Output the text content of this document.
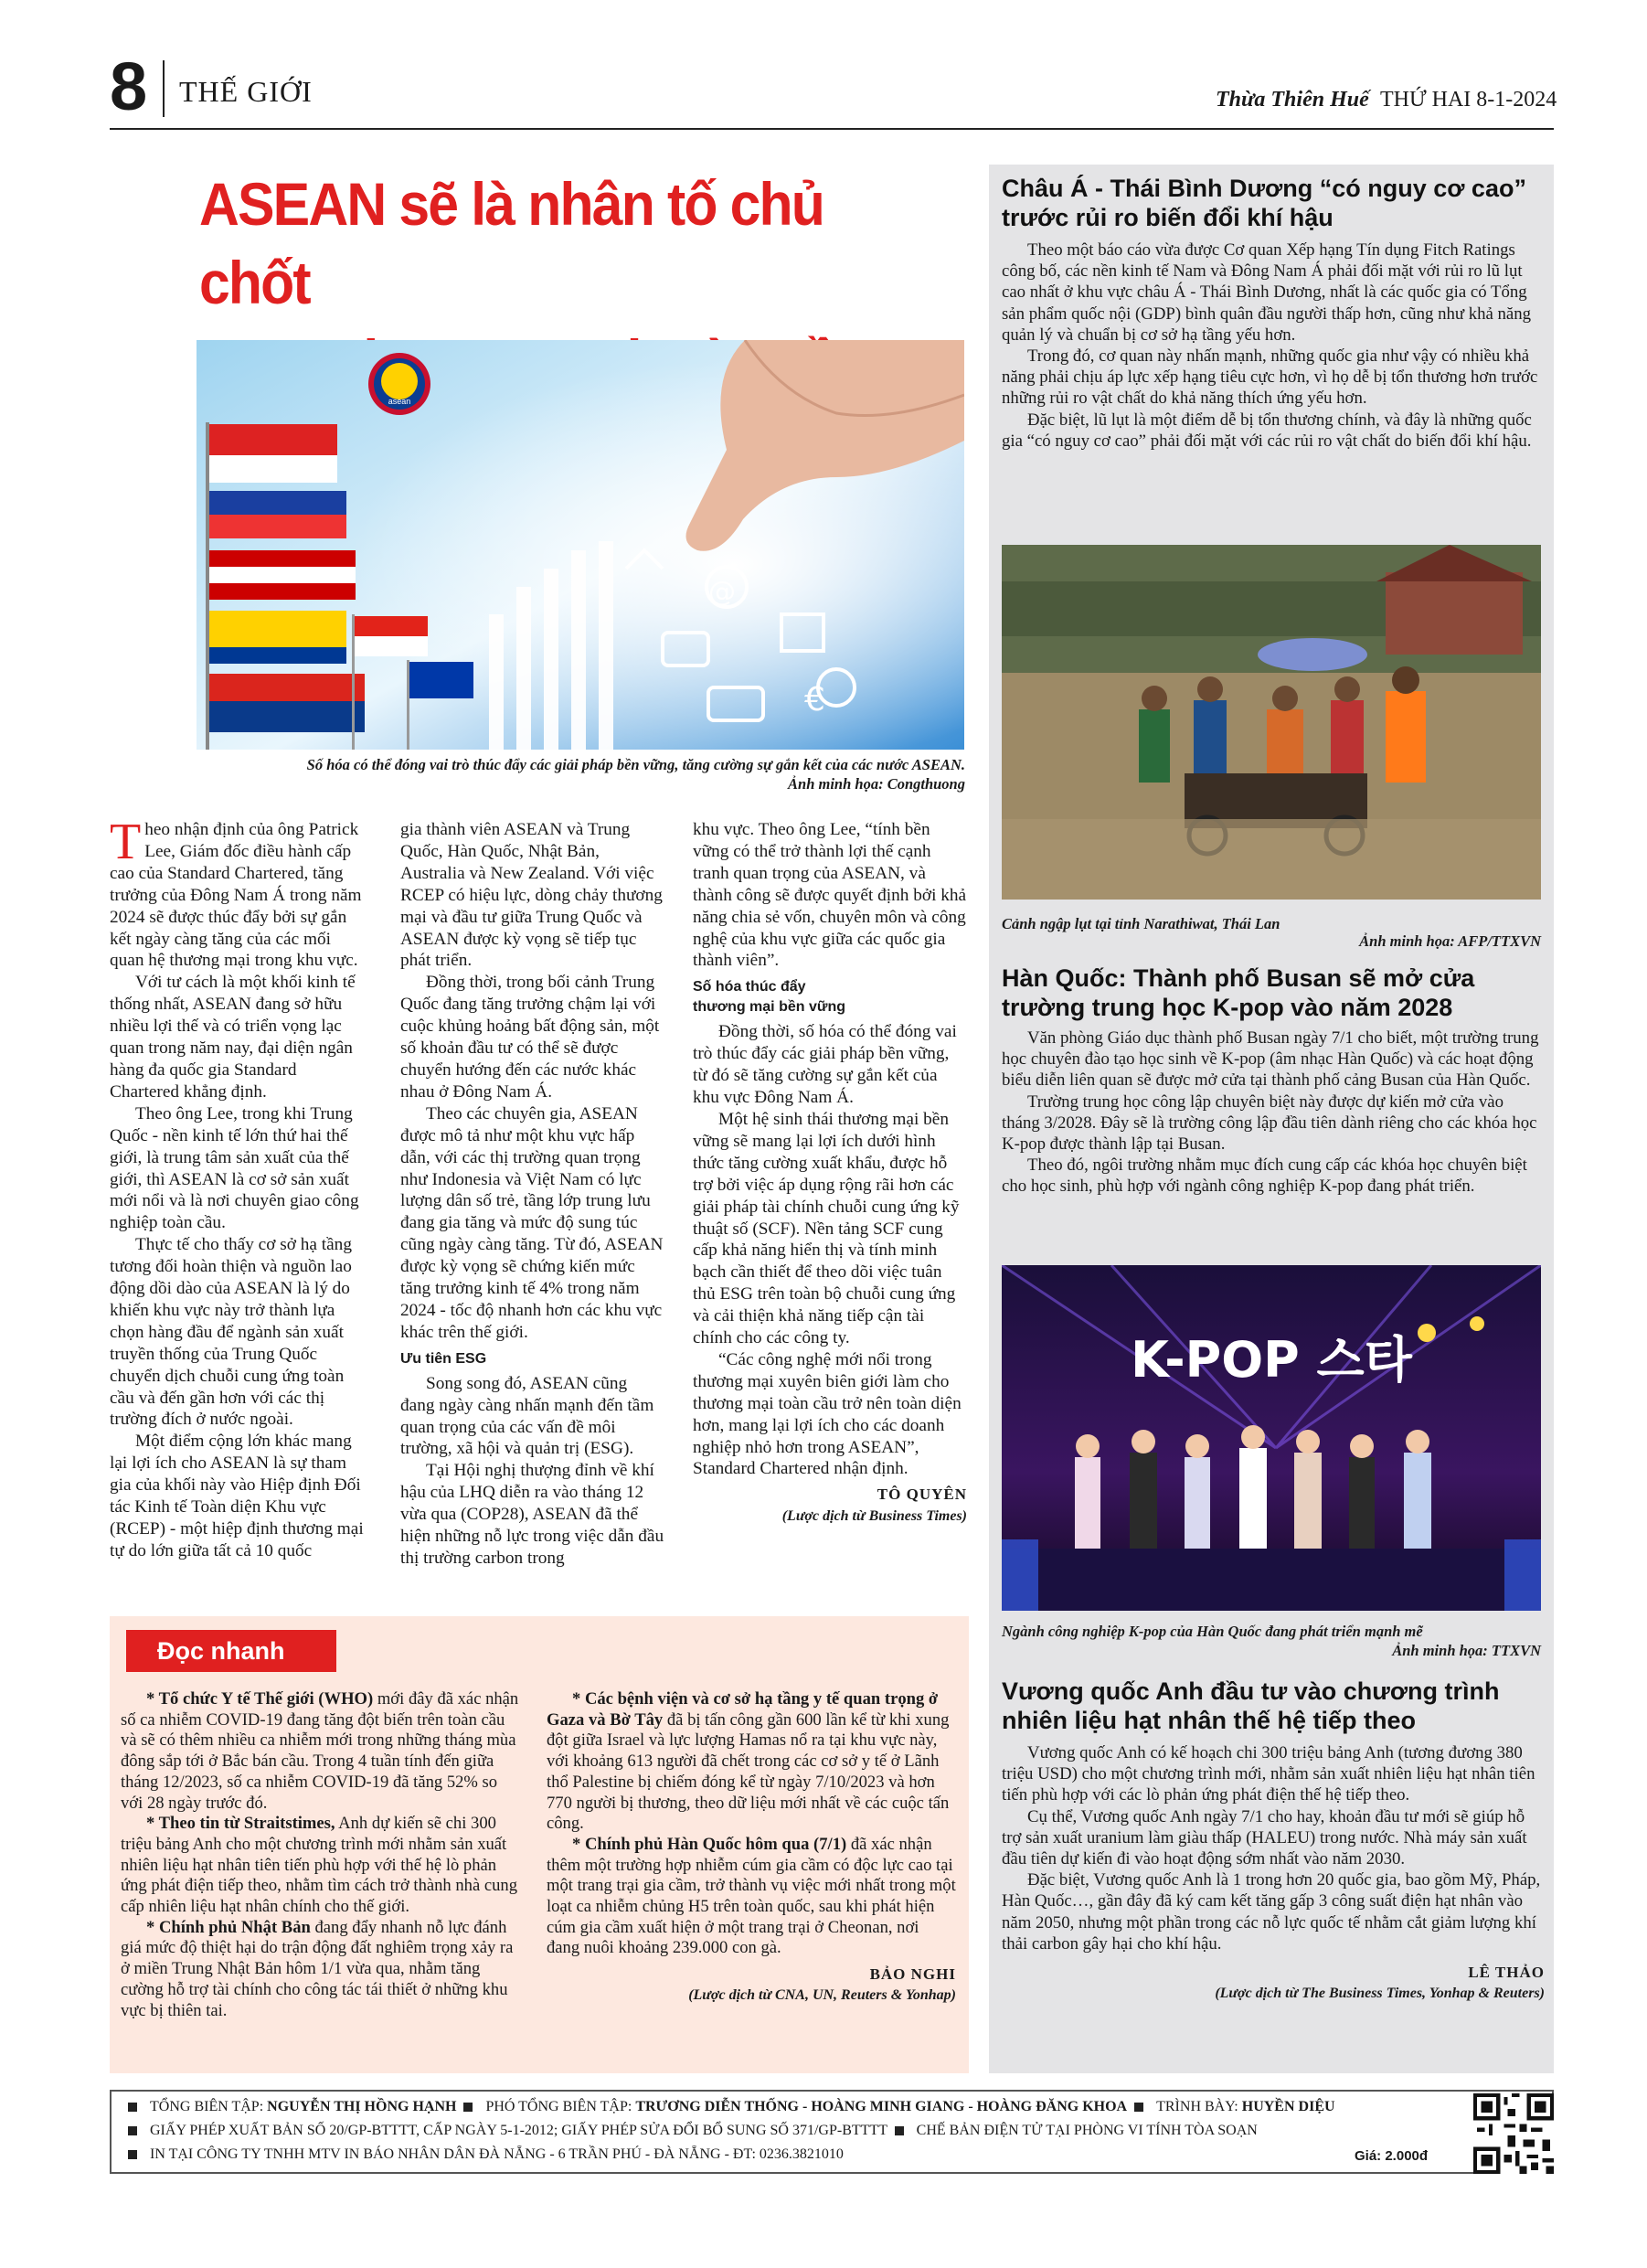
8 THẾ GIỚI	Thừa Thiên Huế THỨ HAI 8-1-2024
ASEAN sẽ là nhân tố chủ chốt
asean
€
@
Số hóa có thể đóng vai trò thúc đẩy các giải pháp bền vững, tăng cường sự gắn kết của các nước ASEAN.
Ảnh minh họa: Congthuong

Theo nhận định của ông Patrick Lee, Giám đốc điều hành cấp cao của Standard Chartered, tăng trưởng của Đông Nam Á trong năm 2024 sẽ được thúc đẩy bởi sự gắn kết ngày càng tăng của các mối quan hệ thương mại trong khu vực.

Với tư cách là một khối kinh tế thống nhất, ASEAN đang sở hữu nhiều lợi thế và có triển vọng lạc quan trong năm nay, đại diện ngân hàng đa quốc gia Standard Chartered khẳng định.

Theo ông Lee, trong khi Trung Quốc - nền kinh tế lớn thứ hai thế giới, là trung tâm sản xuất của thế giới, thì ASEAN là cơ sở sản xuất mới nổi và là nơi chuyên giao công nghiệp toàn cầu.

Thực tế cho thấy cơ sở hạ tầng tương đối hoàn thiện và nguồn lao động dồi dào của ASEAN là lý do khiến khu vực này trở thành lựa chọn hàng đầu để ngành sản xuất truyền thống của Trung Quốc chuyển dịch chuỗi cung ứng toàn cầu và đến gần hơn với các thị trường đích ở nước ngoài.

Một điểm cộng lớn khác mang lại lợi ích cho ASEAN là sự tham gia của khối này vào Hiệp định Đối tác Kinh tế Toàn diện Khu vực (RCEP) - một hiệp định thương mại tự do lớn giữa tất cả 10 quốc

gia thành viên ASEAN và Trung Quốc, Hàn Quốc, Nhật Bản, Australia và New Zealand. Với việc RCEP có hiệu lực, dòng chảy thương mại và đầu tư giữa Trung Quốc và ASEAN được kỳ vọng sẽ tiếp tục phát triển.

Đồng thời, trong bối cảnh Trung Quốc đang tăng trưởng chậm lại với cuộc khủng hoảng bất động sản, một số khoản đầu tư có thể sẽ được chuyển hướng đến các nước khác nhau ở Đông Nam Á.

Theo các chuyên gia, ASEAN được mô tả như một khu vực hấp dẫn, với các thị trường quan trọng như Indonesia và Việt Nam có lực lượng dân số trẻ, tầng lớp trung lưu đang gia tăng và mức độ sung túc cũng ngày càng tăng. Từ đó, ASEAN được kỳ vọng sẽ chứng kiến mức tăng trưởng kinh tế 4% trong năm 2024 - tốc độ nhanh hơn các khu vực khác trên thế giới.

Ưu tiên ESG

Song song đó, ASEAN cũng đang ngày càng nhấn mạnh đến tầm quan trọng của các vấn đề môi trường, xã hội và quản trị (ESG).

Tại Hội nghị thượng đỉnh về khí hậu của LHQ diễn ra vào tháng 12 vừa qua (COP28), ASEAN đã thể hiện những nỗ lực trong việc dẫn đầu thị trường carbon trong

khu vực. Theo ông Lee, “tính bền vững có thể trở thành lợi thế cạnh tranh quan trọng của ASEAN, và thành công sẽ được quyết định bởi khả năng chia sẻ vốn, chuyên môn và công nghệ của khu vực giữa các quốc gia thành viên”.

Số hóa thúc đẩy
thương mại bền vững

Đồng thời, số hóa có thể đóng vai trò thúc đẩy các giải pháp bền vững, từ đó sẽ tăng cường sự gắn kết của khu vực Đông Nam Á.

Một hệ sinh thái thương mại bền vững sẽ mang lại lợi ích dưới hình thức tăng cường xuất khẩu, được hỗ trợ bởi việc áp dụng rộng rãi hơn các giải pháp tài chính chuỗi cung ứng kỹ thuật số (SCF). Nền tảng SCF cung cấp khả năng hiển thị và tính minh bạch cần thiết để theo dõi việc tuân thủ ESG trên toàn bộ chuỗi cung ứng và cải thiện khả năng tiếp cận tài chính cho các công ty.

“Các công nghệ mới nổi trong thương mại xuyên biên giới làm cho thương mại toàn cầu trở nên toàn diện hơn, mang lại lợi ích cho các doanh nghiệp nhỏ hơn trong ASEAN”, Standard Chartered nhận định.

TÔ QUYÊN
(Lược dịch từ Business Times)
Châu Á - Thái Bình Dương “có nguy cơ cao” trước rủi ro biến đổi khí hậu

Theo một báo cáo vừa được Cơ quan Xếp hạng Tín dụng Fitch Ratings công bố, các nền kinh tế Nam và Đông Nam Á phải đối mặt với rủi ro lũ lụt cao nhất ở khu vực châu Á - Thái Bình Dương, nhất là các quốc gia có Tổng sản phẩm quốc nội (GDP) bình quân đầu người thấp hơn, cũng như khả năng quản lý và chuẩn bị cơ sở hạ tầng yếu hơn.

Trong đó, cơ quan này nhấn mạnh, những quốc gia như vậy có nhiều khả năng phải chịu áp lực xếp hạng tiêu cực hơn, vì họ dễ bị tổn thương hơn trước những rủi ro vật chất do khả năng thích ứng yếu hơn.

Đặc biệt, lũ lụt là một điểm dễ bị tổn thương chính, và đây là những quốc gia “có nguy cơ cao” phải đối mặt với các rủi ro vật chất do biến đổi khí hậu.

Cảnh ngập lụt tại tỉnh Narathiwat, Thái Lan
Ảnh minh họa: AFP/TTXVN
Hàn Quốc: Thành phố Busan sẽ mở cửa trường trung học K-pop vào năm 2028

Văn phòng Giáo dục thành phố Busan ngày 7/1 cho biết, một trường trung học chuyên đào tạo học sinh về K-pop (âm nhạc Hàn Quốc) và các hoạt động biểu diễn liên quan sẽ được mở cửa tại thành phố cảng Busan của Hàn Quốc.

Trường trung học công lập chuyên biệt này được dự kiến mở cửa vào tháng 3/2028. Đây sẽ là trường công lập đầu tiên dành riêng cho các khóa học K-pop được thành lập tại Busan.

Theo đó, ngôi trường nhằm mục đích cung cấp các khóa học chuyên biệt cho học sinh, phù hợp với ngành công nghiệp K-pop đang phát triển.

K-POP 스타
Ngành công nghiệp K-pop của Hàn Quốc đang phát triển mạnh mẽ
Ảnh minh họa: TTXVN
Vương quốc Anh đầu tư vào chương trình nhiên liệu hạt nhân thế hệ tiếp theo

Vương quốc Anh có kế hoạch chi 300 triệu bảng Anh (tương đương 380 triệu USD) cho một chương trình mới, nhằm sản xuất nhiên liệu hạt nhân tiên tiến phù hợp với các lò phản ứng phát điện thế hệ tiếp theo.

Cụ thể, Vương quốc Anh ngày 7/1 cho hay, khoản đầu tư mới sẽ giúp hỗ trợ sản xuất uranium làm giàu thấp (HALEU) trong nước. Nhà máy sản xuất đầu tiên dự kiến đi vào hoạt động sớm nhất vào năm 2030.

Đặc biệt, Vương quốc Anh là 1 trong hơn 20 quốc gia, bao gồm Mỹ, Pháp, Hàn Quốc…, gần đây đã ký cam kết tăng gấp 3 công suất điện hạt nhân vào năm 2050, nhưng một phần trong các nỗ lực quốc tế nhằm cắt giảm lượng khí thải carbon gây hại cho khí hậu.

LÊ THẢO
(Lược dịch từ The Business Times, Yonhap & Reuters)
Đọc nhanh

* Tổ chức Y tế Thế giới (WHO) mới đây đã xác nhận số ca nhiễm COVID-19 đang tăng đột biến trên toàn cầu và sẽ có thêm nhiều ca nhiễm mới trong những tháng mùa đông sắp tới ở Bắc bán cầu. Trong 4 tuần tính đến giữa tháng 12/2023, số ca nhiễm COVID-19 đã tăng 52% so với 28 ngày trước đó.

* Theo tin từ Straitstimes, Anh dự kiến sẽ chi 300 triệu bảng Anh cho một chương trình mới nhằm sản xuất nhiên liệu hạt nhân tiên tiến phù hợp với thế hệ lò phản ứng phát điện tiếp theo, nhằm tìm cách trở thành nhà cung cấp nhiên liệu hạt nhân chính cho thế giới.

* Chính phủ Nhật Bản đang đẩy nhanh nỗ lực đánh giá mức độ thiệt hại do trận động đất nghiêm trọng xảy ra ở miền Trung Nhật Bản hôm 1/1 vừa qua, nhằm tăng cường hỗ trợ tài chính cho công tác tái thiết ở những khu vực bị thiên tai.

* Các bệnh viện và cơ sở hạ tầng y tế quan trọng ở Gaza và Bờ Tây đã bị tấn công gần 600 lần kể từ khi xung đột giữa Israel và lực lượng Hamas nổ ra tại khu vực này, với khoảng 613 người đã chết trong các cơ sở y tế ở Lãnh thổ Palestine bị chiếm đóng kể từ ngày 7/10/2023 và hơn 770 người bị thương, theo dữ liệu mới nhất về các cuộc tấn công.

* Chính phủ Hàn Quốc hôm qua (7/1) đã xác nhận thêm một trường hợp nhiễm cúm gia cầm có độc lực cao tại một trang trại gia cầm, trở thành vụ việc mới nhất trong một loạt ca nhiễm chủng H5 trên toàn quốc, sau khi phát hiện cúm gia cầm xuất hiện ở một trang trại ở Cheonan, nơi đang nuôi khoảng 239.000 con gà.

BẢO NGHI
(Lược dịch từ CNA, UN, Reuters & Yonhap)
TỔNG BIÊN TẬP: NGUYỄN THỊ HỒNG HẠNH PHÓ TỔNG BIÊN TẬP: TRƯƠNG DIỄN THỐNG - HOÀNG MINH GIANG - HOÀNG ĐĂNG KHOA TRÌNH BÀY: HUYỀN DIỆU
GIẤY PHÉP XUẤT BẢN SỐ 20/GP-BTTTT, CẤP NGÀY 5-1-2012; GIẤY PHÉP SỬA ĐỔI BỔ SUNG SỐ 371/GP-BTTTT CHẾ BẢN ĐIỆN TỬ TẠI PHÒNG VI TÍNH TÒA SOẠN
IN TẠI CÔNG TY TNHH MTV IN BÁO NHÂN DÂN ĐÀ NẴNG - 6 TRẦN PHÚ - ĐÀ NẴNG - ĐT: 0236.3821010	Giá: 2.000đ
